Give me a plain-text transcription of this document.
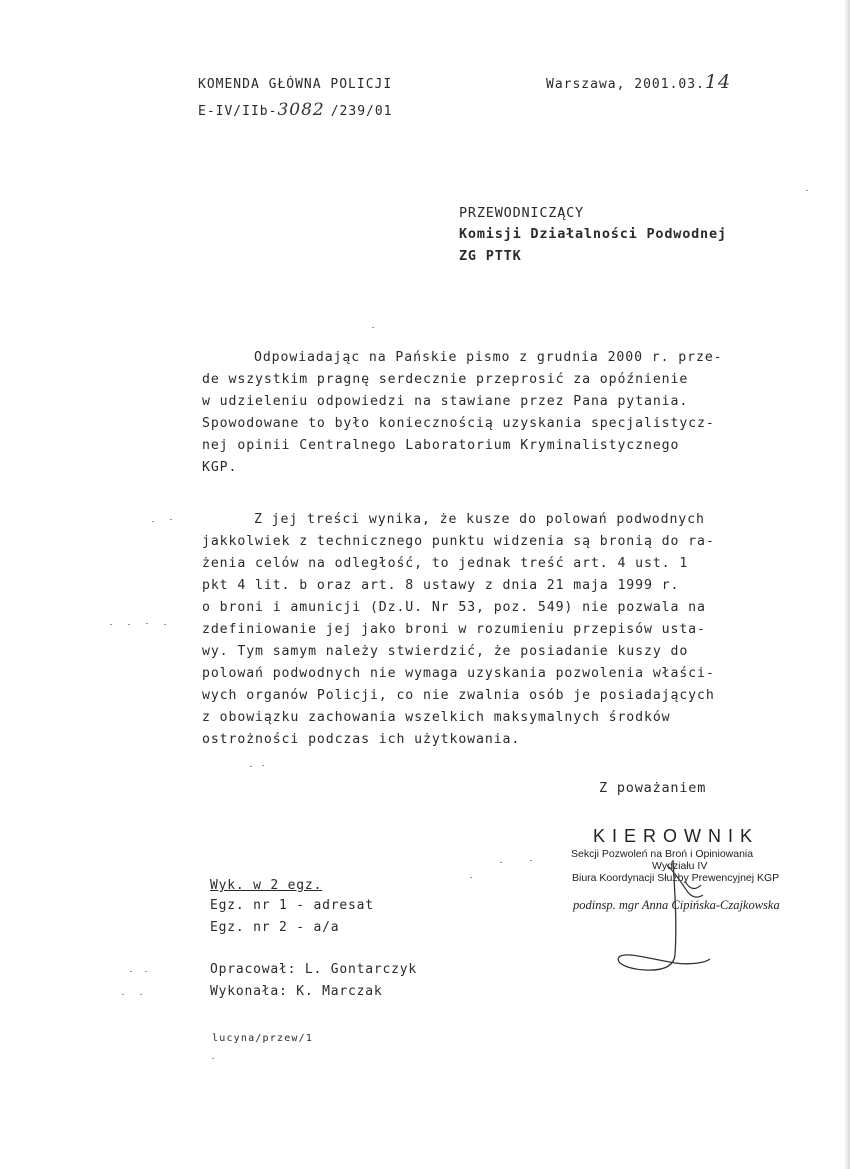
KOMENDA GŁÓWNA POLICJI
E-IV/IIb-3082 /239/01
Warszawa, 2001.03.14
PRZEWODNICZĄCY
Komisji Działalności Podwodnej
ZG PTTK
Odpowiadając na Pańskie pismo z grudnia 2000 r. prze-
de wszystkim pragnę serdecznie przeprosić za opóźnienie
w udzieleniu odpowiedzi na stawiane przez Pana pytania.
Spowodowane to było koniecznością uzyskania specjalistycz-
nej opinii Centralnego Laboratorium Kryminalistycznego
KGP.
Z jej treści wynika, że kusze do polowań podwodnych
jakkolwiek z technicznego punktu widzenia są bronią do ra-
żenia celów na odległość, to jednak treść art. 4 ust. 1
pkt 4 lit. b oraz art. 8 ustawy z dnia 21 maja 1999 r.
o broni i amunicji (Dz.U. Nr 53, poz. 549) nie pozwala na
zdefiniowanie jej jako broni w rozumieniu przepisów usta-
wy. Tym samym należy stwierdzić, że posiadanie kuszy do
polowań podwodnych nie wymaga uzyskania pozwolenia właści-
wych organów Policji, co nie zwalnia osób je posiadających
z obowiązku zachowania wszelkich maksymalnych środków
ostrożności podczas ich użytkowania.
Z poważaniem
KIEROWNIK
Sekcji Pozwoleń na Broń i Opiniowania
Wydziału IV
Biura Koordynacji Służby Prewencyjnej KGP
podinsp. mgr Anna Cipińska-Czajkowska
Wyk. w 2 egz.
Egz. nr 1 - adresat
Egz. nr 2 - a/a
Opracował: L. Gontarczyk
Wykonała: K. Marczak
lucyna/przew/1
